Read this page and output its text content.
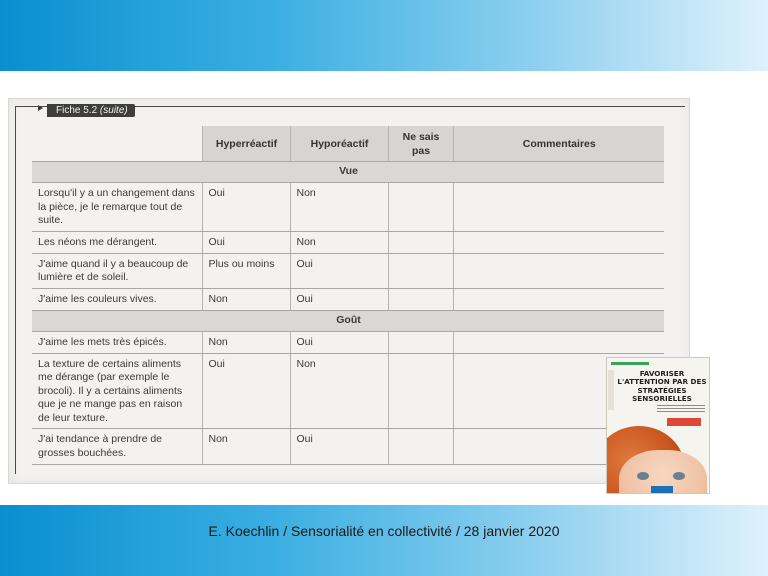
Fiche 5.2 (suite)
	Hyperréactif	Hyporéactif	Ne sais pas	Commentaires
Vue				
Lorsqu'il y a un changement dans la pièce, je le remarque tout de suite.	Oui	Non		
Les néons me dérangent.	Oui	Non		
J'aime quand il y a beaucoup de lumière et de soleil.	Plus ou moins	Oui		
J'aime les couleurs vives.	Non	Oui		
Goût				
J'aime les mets très épicés.	Non	Oui		
La texture de certains aliments me dérange (par exemple le brocoli). Il y a certains aliments que je ne mange pas en raison de leur texture.	Oui	Non		
J'ai tendance à prendre de grosses bouchées.	Non	Oui		
FAVORISER L'ATTENTION PAR DES STRATÉGIES SENSORIELLES
E. Koechlin / Sensorialité en collectivité / 28 janvier 2020
